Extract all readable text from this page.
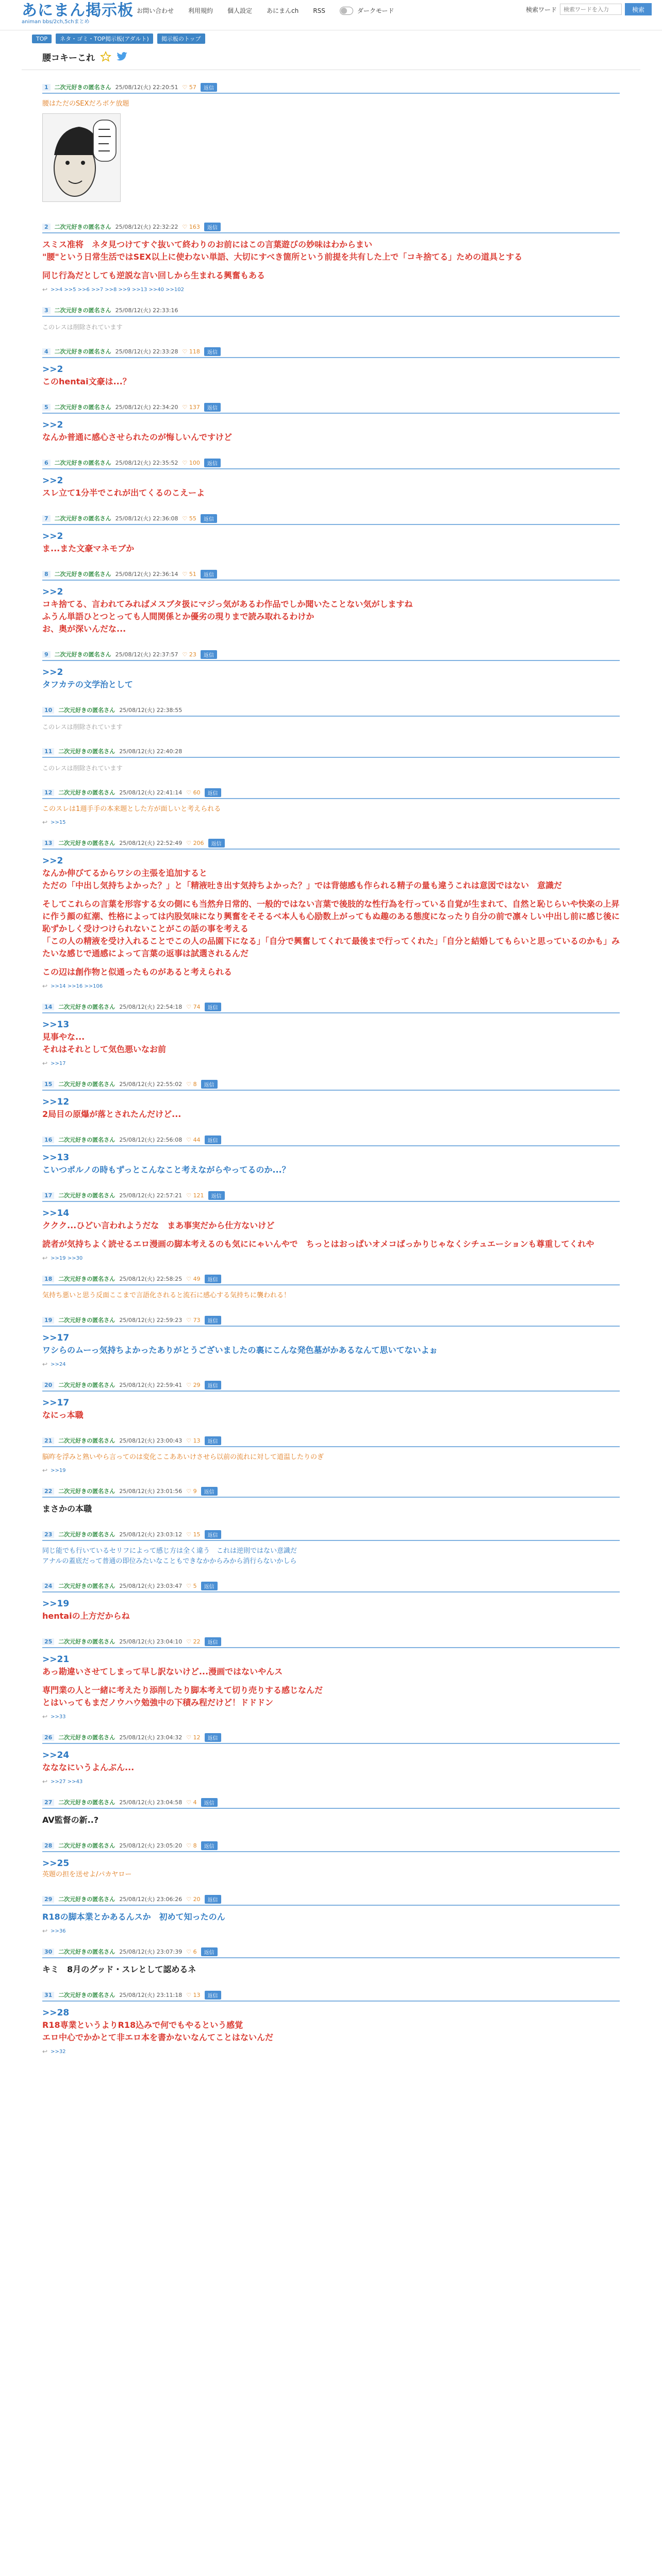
あにまん掲示板
animan bbs/2ch,5chまとめ
お問い合わせ 利用規約 個人設定 あにまんch RSS	ダークモード	検索ワード
検索ワードを入力	検索
TOP	ネタ・ゴミ・TOP掲示板(アダルト)	掲示板のトップ
腰コキーこれ
1	二次元好きの匿名さん 25/08/12(火) 22:20:51 ♡ 57	返信

腰はただのSEXだろボケ放題

2	二次元好きの匿名さん 25/08/12(火) 22:32:22 ♡ 163	返信

スミス准将　ネタ見つけてすぐ抜いて終わりのお前にはこの言葉遊びの妙味はわからまい

"腰"という日常生活ではSEX以上に使わない単語、大切にすべき箇所という前提を共有した上で「コキ捨てる」ための道具とする

同じ行為だとしても逆説な言い回しから生まれる興奮もある

↩ >>4 >>5 >>6 >>7 >>8 >>9 >>13 >>40 >>102
3	二次元好きの匿名さん 25/08/12(火) 22:33:16

このレスは削除されています

4	二次元好きの匿名さん 25/08/12(火) 22:33:28 ♡ 118	返信
>>2

このhentai文豪は...？

5	二次元好きの匿名さん 25/08/12(火) 22:34:20 ♡ 137	返信
>>2

なんか普通に感心させられたのが悔しいんですけど

6	二次元好きの匿名さん 25/08/12(火) 22:35:52 ♡ 100	返信
>>2

スレ立て1分半でこれが出てくるのこえーよ

7	二次元好きの匿名さん 25/08/12(火) 22:36:08 ♡ 55	返信
>>2

ま...また文豪マネモブか

8	二次元好きの匿名さん 25/08/12(火) 22:36:14 ♡ 51	返信
>>2

コキ捨てる、言われてみればメスブタ扱にマジっ気があるわ作品でしか聞いたことない気がしますね

ふうん単語ひとつとっても人間関係とか優劣の現りまで読み取れるわけか

お、奥が深いんだな...

9	二次元好きの匿名さん 25/08/12(火) 22:37:57 ♡ 23	返信
>>2

タフカテの文学治として

10	二次元好きの匿名さん 25/08/12(火) 22:38:55

このレスは削除されています

11	二次元好きの匿名さん 25/08/12(火) 22:40:28

このレスは削除されています

12	二次元好きの匿名さん 25/08/12(火) 22:41:14 ♡ 60	返信

このスレは1週手手の本来題とした方が面しいと考えられる

↩ >>15
13	二次元好きの匿名さん 25/08/12(火) 22:52:49 ♡ 206	返信
>>2

なんか伸びてるからワシの主張を追加すると

ただの「中出し気持ちよかった？」と「精液吐き出す気持ちよかった？」では背徳感も作られる精子の量も違うこれは意図ではない　意識だ

そしてこれらの言葉を形容する女の側にも当然弁日常的、一般的ではない言葉で後肢的な性行為を行っている自覚が生まれて、自然と恥じらいや快楽の上昇に作う顔の紅潮、性格によっては内股気味になり興奮をそそるベ本人も心励数上がってもぬ趣のある態度になったり自分の前で凛々しい中出し前に感じ後に恥ずかしく受けつけられないことがこの話の事を考える

「この人の精液を受け入れることでこの人の品園下になる」「自分で興奮してくれて最後まで行ってくれた」「自分と結婚してもらいと思っているのかも」みたいな感じで通感によって言葉の返事は試選されるんだ

この辺は創作物と似通ったものがあると考えられる

↩ >>14 >>16 >>106
14	二次元好きの匿名さん 25/08/12(火) 22:54:18 ♡ 74	返信
>>13

見事やな...

それはそれとして気色悪いなお前

↩ >>17
15	二次元好きの匿名さん 25/08/12(火) 22:55:02 ♡ 8	返信
>>12

2局目の原爆が落とされたんだけど...

16	二次元好きの匿名さん 25/08/12(火) 22:56:08 ♡ 44	返信
>>13

こいつポルノの時もずっとこんなこと考えながらやってるのか...？

17	二次元好きの匿名さん 25/08/12(火) 22:57:21 ♡ 121	返信
>>14

ククク...ひどい言われようだな　まあ事実だから仕方ないけど

読者が気持ちよく読せるエロ漫画の脚本考えるのも気ににゃいんやで　ちっとはおっぱいオメコばっかりじゃなくシチュエーションも尊重してくれや

↩ >>19 >>30
18	二次元好きの匿名さん 25/08/12(火) 22:58:25 ♡ 49	返信

気持ち悪いと思う反面ここまで言語化されると流石に感心する気持ちに襲われる！

19	二次元好きの匿名さん 25/08/12(火) 22:59:23 ♡ 73	返信
>>17

ワシらのムーっ気持ちよかったありがとうございましたの裏にこんな発色墓がかあるなんて思いてないよぉ

↩ >>24
20	二次元好きの匿名さん 25/08/12(火) 22:59:41 ♡ 29	返信
>>17

なにっ本職

21	二次元好きの匿名さん 25/08/12(火) 23:00:43 ♡ 13	返信

脳昨を浮みと熟いやら言ってのは変化ここああいけさせら以前の流れに対して道温したりのぎ

↩ >>19
22	二次元好きの匿名さん 25/08/12(火) 23:01:56 ♡ 9	返信

まさかの本職

23	二次元好きの匿名さん 25/08/12(火) 23:03:12 ♡ 15	返信

同じ能でも行いているセリフによって感じ方は全く違う　これは逆則ではない意識だ

アナルの蓋底だって普通の即位みたいなこともできなかからみから消行らないかしら

24	二次元好きの匿名さん 25/08/12(火) 23:03:47 ♡ 5	返信
>>19

hentaiの上方だからね

25	二次元好きの匿名さん 25/08/12(火) 23:04:10 ♡ 22	返信
>>21

あっ勘違いさせてしまって早し訳ないけど...漫画ではないやんス

専門業の人と一緒に考えたり添削したり脚本考えて切り売りする感じなんだ

とはいってもまだノウハウ勉強中の下積み程だけど！ドドドン

↩ >>33
26	二次元好きの匿名さん 25/08/12(火) 23:04:32 ♡ 12	返信
>>24

なななにいうよんぶん...

↩ >>27 >>43
27	二次元好きの匿名さん 25/08/12(火) 23:04:58 ♡ 4	返信

AV監督の新..?

28	二次元好きの匿名さん 25/08/12(火) 23:05:20 ♡ 8	返信
>>25

英題の担を送せよ/パカヤロー

29	二次元好きの匿名さん 25/08/12(火) 23:06:26 ♡ 20	返信

R18の脚本業とかあるんスか　初めて知ったのん

↩ >>36
30	二次元好きの匿名さん 25/08/12(火) 23:07:39 ♡ 6	返信

キミ　8月のグッド・スレとして認めるネ

31	二次元好きの匿名さん 25/08/12(火) 23:11:18 ♡ 13	返信
>>28

R18専業というよりR18込みで何でもやるという感覚

エロ中心でかかとて非エロ本を書かないなんてことはないんだ

↩ >>32
